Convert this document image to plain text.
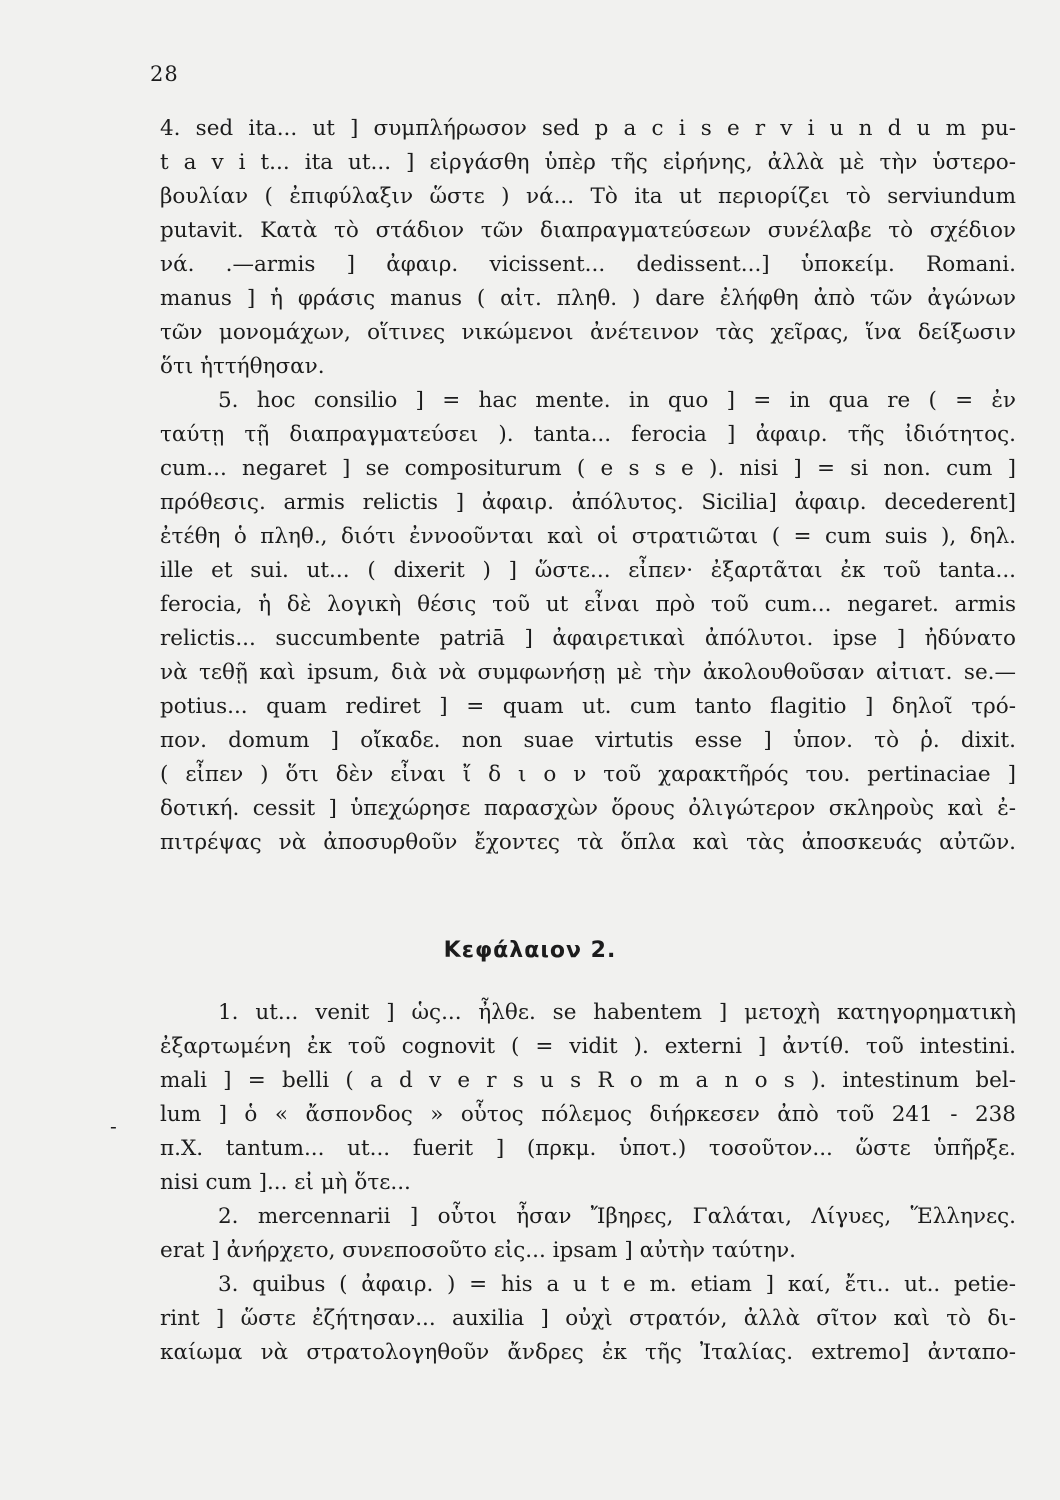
28
4. sed ita... ut ] συμπλήρωσον sed p a c i s e r v i u n d u m pu-
t a v i t... ita ut... ] εἰργάσθη ὑπὲρ τῆς εἰρήνης, ἀλλὰ μὲ τὴν ὑστερο-
βουλίαν ( ἐπιφύλαξιν ὥστε ) νά... Τὸ ita ut περιορίζει τὸ serviundum
putavit. Κατὰ τὸ στάδιον τῶν διαπραγματεύσεων συνέλαβε τὸ σχέδιον
νά. .—armis ] ἀφαιρ. vicissent... dedissent...] ὑποκείμ. Romani.
manus ] ἡ φράσις manus ( αἰτ. πληθ. ) dare ἐλήφθη ἀπὸ τῶν ἀγώνων
τῶν μονομάχων, οἵτινες νικώμενοι ἀνέτεινον τὰς χεῖρας, ἵνα δείξωσιν
ὅτι ἡττήθησαν.
5. hoc consilio ] = hac mente. in quo ] = in qua re ( = ἐν
ταύτῃ τῇ διαπραγματεύσει ). tanta... ferocia ] ἀφαιρ. τῆς ἰδιότητος.
cum... negaret ] se compositurum ( e s s e ). nisi ] = si non. cum ]
πρόθεσις. armis relictis ] ἀφαιρ. ἀπόλυτος. Sicilia] ἀφαιρ. decederent]
ἐτέθη ὁ πληθ., διότι ἐννοοῦνται καὶ οἱ στρατιῶται ( = cum suis ), δηλ.
ille et sui. ut... ( dixerit ) ] ὥστε... εἶπεν· ἐξαρτᾶται ἐκ τοῦ tanta...
ferocia, ἡ δὲ λογικὴ θέσις τοῦ ut εἶναι πρὸ τοῦ cum... negaret. armis
relictis... succumbente patriā ] ἀφαιρετικαὶ ἀπόλυτοι. ipse ] ἠδύνατο
νὰ τεθῇ καὶ ipsum, διὰ νὰ συμφωνήσῃ μὲ τὴν ἀκολουθοῦσαν αἰτιατ. se.—
potius... quam rediret ] = quam ut. cum tanto flagitio ] δηλοῖ τρό-
πον. domum ] οἴκαδε. non suae virtutis esse ] ὑπον. τὸ ῥ. dixit.
( εἶπεν ) ὅτι δὲν εἶναι ἴ δ ι ο ν τοῦ χαρακτῆρός του. pertinaciae ]
δοτική. cessit ] ὑπεχώρησε παρασχὼν ὅρους ὀλιγώτερον σκληροὺς καὶ ἐ-
πιτρέψας νὰ ἀποσυρθοῦν ἔχοντες τὰ ὅπλα καὶ τὰς ἀποσκευάς αὐτῶν.
Κεφάλαιον 2.
-
1. ut... venit ] ὡς... ἦλθε. se habentem ] μετοχὴ κατηγορηματικὴ
ἐξαρτωμένη ἐκ τοῦ cognovit ( = vidit ). externi ] ἀντίθ. τοῦ intestini.
mali ] = belli ( a d v e r s u s R o m a n o s ). intestinum bel-
lum ] ὁ « ἄσπονδος » οὗτος πόλεμος διήρκεσεν ἀπὸ τοῦ 241 - 238
π.Χ. tantum... ut... fuerit ] (πρκμ. ὑποτ.) τοσοῦτον... ὥστε ὑπῆρξε.
nisi cum ]... εἰ μὴ ὅτε...
2. mercennarii ] οὗτοι ἦσαν Ἴβηρες, Γαλάται, Λίγυες, Ἕλληνες.
erat ] ἀνήρχετο, συνεποσοῦτο εἰς... ipsam ] αὐτὴν ταύτην.
3. quibus ( ἀφαιρ. ) = his a u t e m. etiam ] καί, ἔτι.. ut.. petie-
rint ] ὥστε ἐζήτησαν... auxilia ] οὐχὶ στρατόν, ἀλλὰ σῖτον καὶ τὸ δι-
καίωμα νὰ στρατολογηθοῦν ἄνδρες ἐκ τῆς Ἰταλίας. extremo] ἀνταπο-
